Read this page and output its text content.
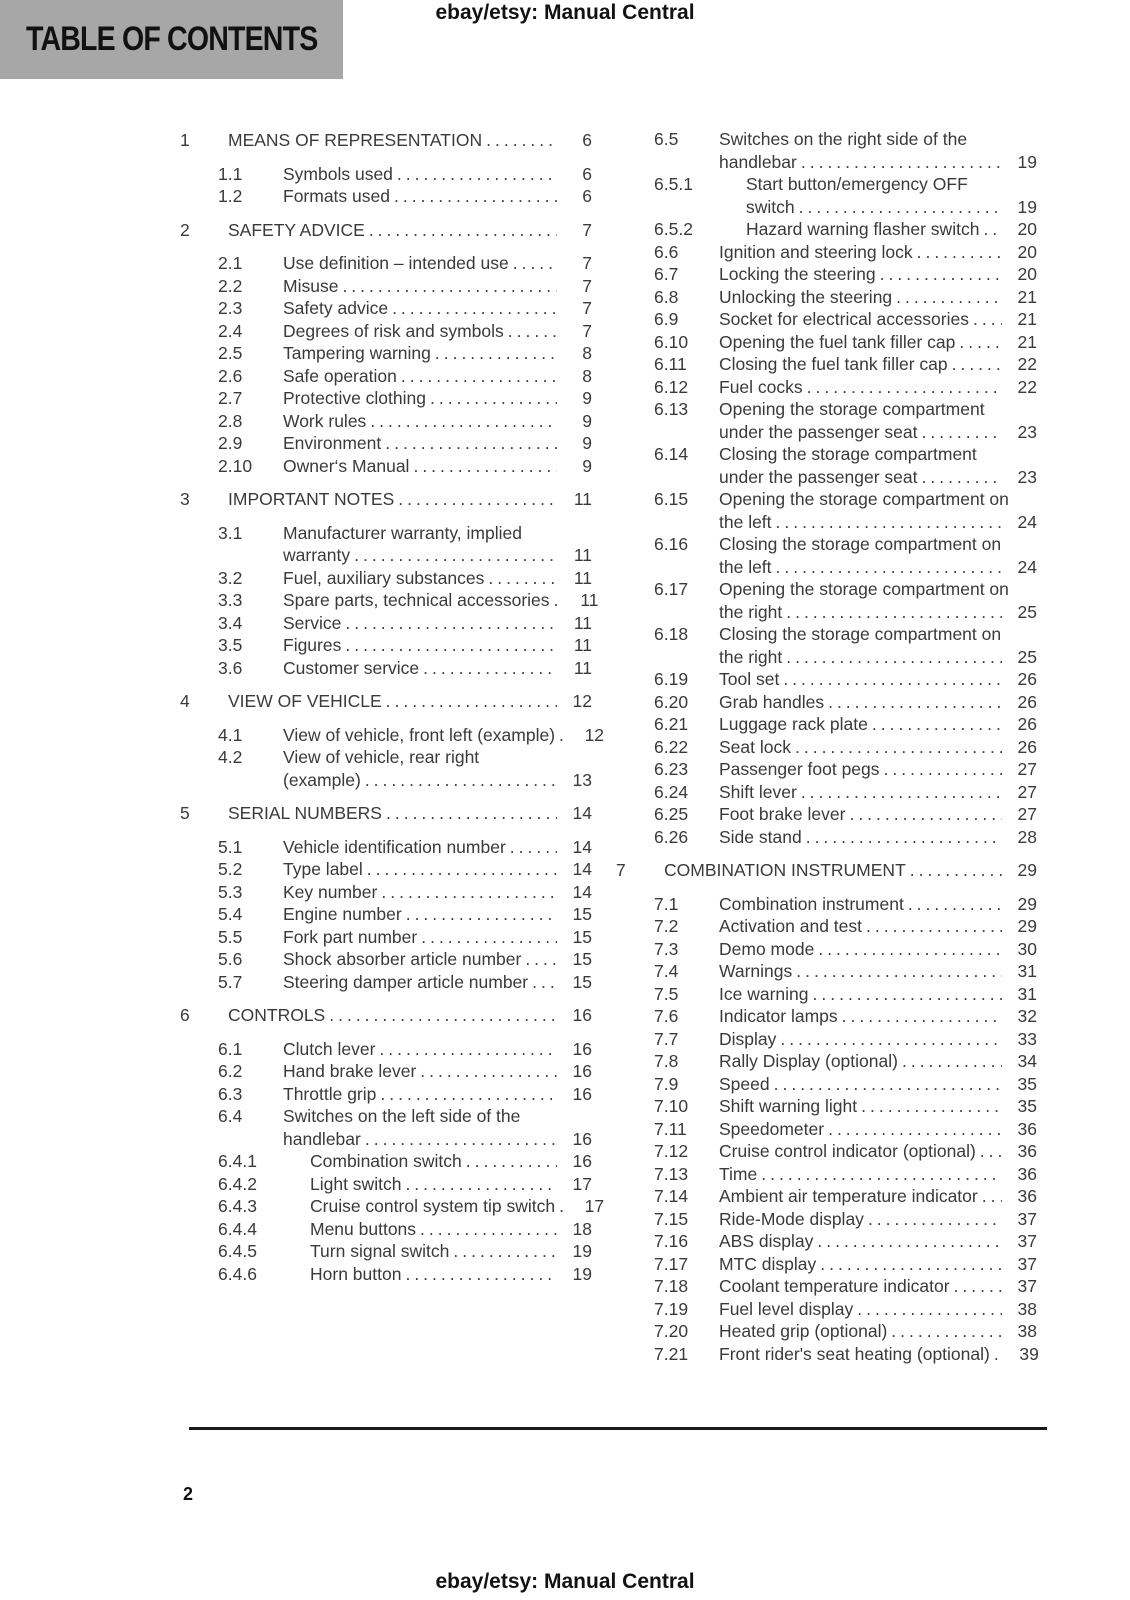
ebay/etsy: Manual Central
TABLE OF CONTENTS
1	MEANS OF REPRESENTATION .....	6
1.1	Symbols used .....	6
1.2	Formats used .....	6
2	SAFETY ADVICE .....	7
2.1	Use definition – intended use .....	7
2.2	Misuse .....	7
2.3	Safety advice .....	7
2.4	Degrees of risk and symbols .....	7
2.5	Tampering warning .....	8
2.6	Safe operation .....	8
2.7	Protective clothing .....	9
2.8	Work rules .....	9
2.9	Environment .....	9
2.10	Owner‘s Manual .....	9
3	IMPORTANT NOTES .....	11
3.1	Manufacturer warranty, implied
warranty .....	11
3.2	Fuel, auxiliary substances .....	11
3.3	Spare parts, technical accessories .....	11
3.4	Service .....	11
3.5	Figures .....	11
3.6	Customer service .....	11
4	VIEW OF VEHICLE .....	12
4.1	View of vehicle, front left (example) .....	12
4.2	View of vehicle, rear right
(example) .....	13
5	SERIAL NUMBERS .....	14
5.1	Vehicle identification number .....	14
5.2	Type label .....	14
5.3	Key number .....	14
5.4	Engine number .....	15
5.5	Fork part number .....	15
5.6	Shock absorber article number .....	15
5.7	Steering damper article number .....	15
6	CONTROLS .....	16
6.1	Clutch lever .....	16
6.2	Hand brake lever .....	16
6.3	Throttle grip .....	16
6.4	Switches on the left side of the
handlebar .....	16
6.4.1	Combination switch .....	16
6.4.2	Light switch .....	17
6.4.3	Cruise control system tip switch .....	17
6.4.4	Menu buttons .....	18
6.4.5	Turn signal switch .....	19
6.4.6	Horn button .....	19
6.5	Switches on the right side of the
handlebar .....	19
6.5.1	Start button/emergency OFF
switch .....	19
6.5.2	Hazard warning flasher switch .....	20
6.6	Ignition and steering lock .....	20
6.7	Locking the steering .....	20
6.8	Unlocking the steering .....	21
6.9	Socket for electrical accessories .....	21
6.10	Opening the fuel tank filler cap .....	21
6.11	Closing the fuel tank filler cap .....	22
6.12	Fuel cocks .....	22
6.13	Opening the storage compartment
under the passenger seat .....	23
6.14	Closing the storage compartment
under the passenger seat .....	23
6.15	Opening the storage compartment on
the left .....	24
6.16	Closing the storage compartment on
the left .....	24
6.17	Opening the storage compartment on
the right .....	25
6.18	Closing the storage compartment on
the right .....	25
6.19	Tool set .....	26
6.20	Grab handles .....	26
6.21	Luggage rack plate .....	26
6.22	Seat lock .....	26
6.23	Passenger foot pegs .....	27
6.24	Shift lever .....	27
6.25	Foot brake lever .....	27
6.26	Side stand .....	28
7	COMBINATION INSTRUMENT .....	29
7.1	Combination instrument .....	29
7.2	Activation and test .....	29
7.3	Demo mode .....	30
7.4	Warnings .....	31
7.5	Ice warning .....	31
7.6	Indicator lamps .....	32
7.7	Display .....	33
7.8	Rally Display (optional) .....	34
7.9	Speed .....	35
7.10	Shift warning light .....	35
7.11	Speedometer .....	36
7.12	Cruise control indicator (optional) .....	36
7.13	Time .....	36
7.14	Ambient air temperature indicator .....	36
7.15	Ride-Mode display .....	37
7.16	ABS display .....	37
7.17	MTC display .....	37
7.18	Coolant temperature indicator .....	37
7.19	Fuel level display .....	38
7.20	Heated grip (optional) .....	38
7.21	Front rider's seat heating (optional) .....	39
2
ebay/etsy: Manual Central
